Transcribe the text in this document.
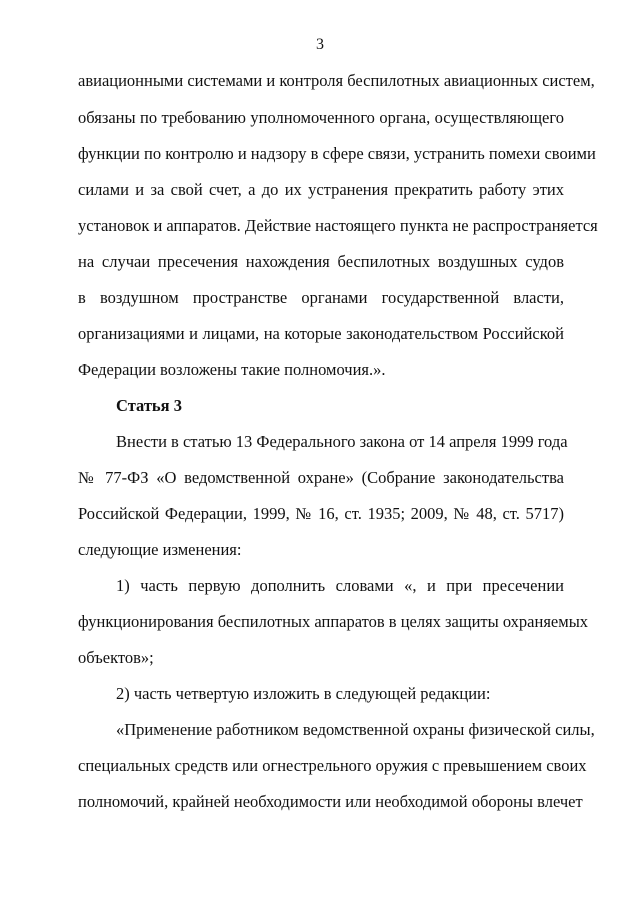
3
авиационными системами и контроля беспилотных авиационных систем,
обязаны по требованию уполномоченного органа, осуществляющего
функции по контролю и надзору в сфере связи, устранить помехи своими
силами и за свой счет, а до их устранения прекратить работу этих
установок и аппаратов. Действие настоящего пункта не распространяется
на случаи пресечения нахождения беспилотных воздушных судов
в воздушном пространстве органами государственной власти,
организациями и лицами, на которые законодательством Российской
Федерации возложены такие полномочия.».
Статья 3
Внести в статью 13 Федерального закона от 14 апреля 1999 года
№ 77-ФЗ «О ведомственной охране» (Собрание законодательства
Российской Федерации, 1999, № 16, ст. 1935; 2009, № 48, ст. 5717)
следующие изменения:
1) часть первую дополнить словами «, и при пресечении
функционирования беспилотных аппаратов в целях защиты охраняемых
объектов»;
2) часть четвертую изложить в следующей редакции:
«Применение работником ведомственной охраны физической силы,
специальных средств или огнестрельного оружия с превышением своих
полномочий, крайней необходимости или необходимой обороны влечет
